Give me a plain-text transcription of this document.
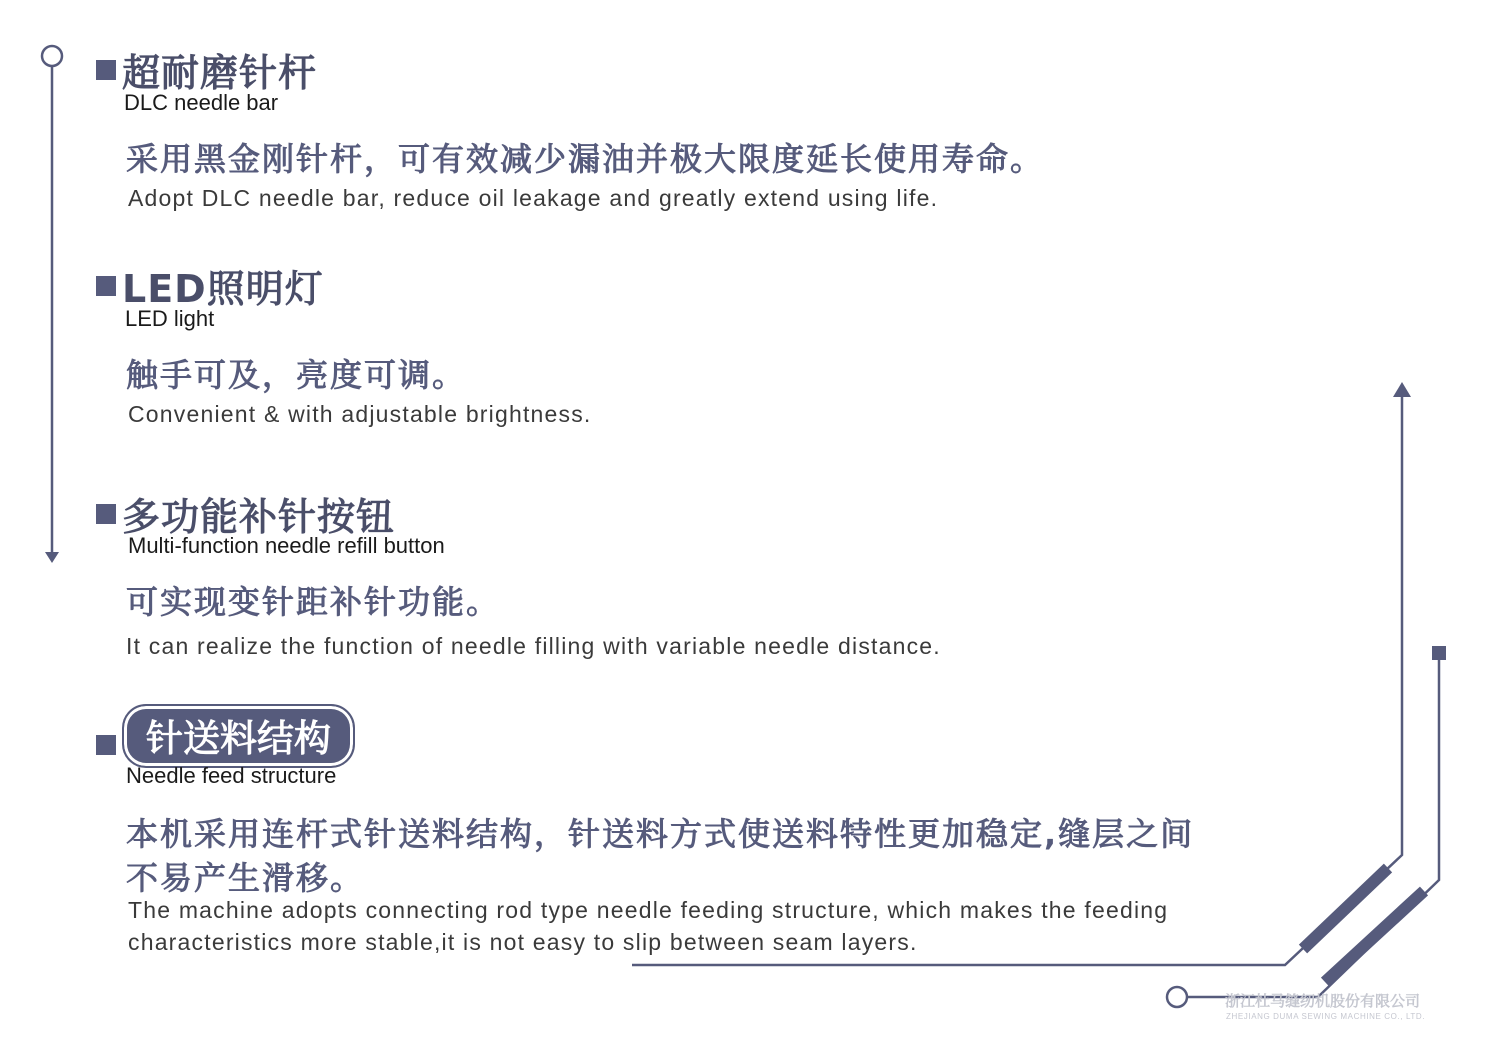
超耐磨针杆
DLC needle bar
采用黑金刚针杆，可有效减少漏油并极大限度延长使用寿命。
Adopt DLC needle bar, reduce oil leakage and greatly extend using life.
LED照明灯
LED light
触手可及，亮度可调。
Convenient & with adjustable brightness.
多功能补针按钮
Multi-function needle refill button
可实现变针距补针功能。
It can realize the function of needle filling with variable needle distance.
针送料结构
Needle feed structure
本机采用连杆式针送料结构，针送料方式使送料特性更加稳定,缝层之间
不易产生滑移。
The machine adopts connecting rod type needle feeding structure, which makes the feeding
characteristics more stable,it is not easy to slip between seam layers.
浙江杜马缝纫机股份有限公司
ZHEJIANG DUMA SEWING MACHINE CO., LTD.
